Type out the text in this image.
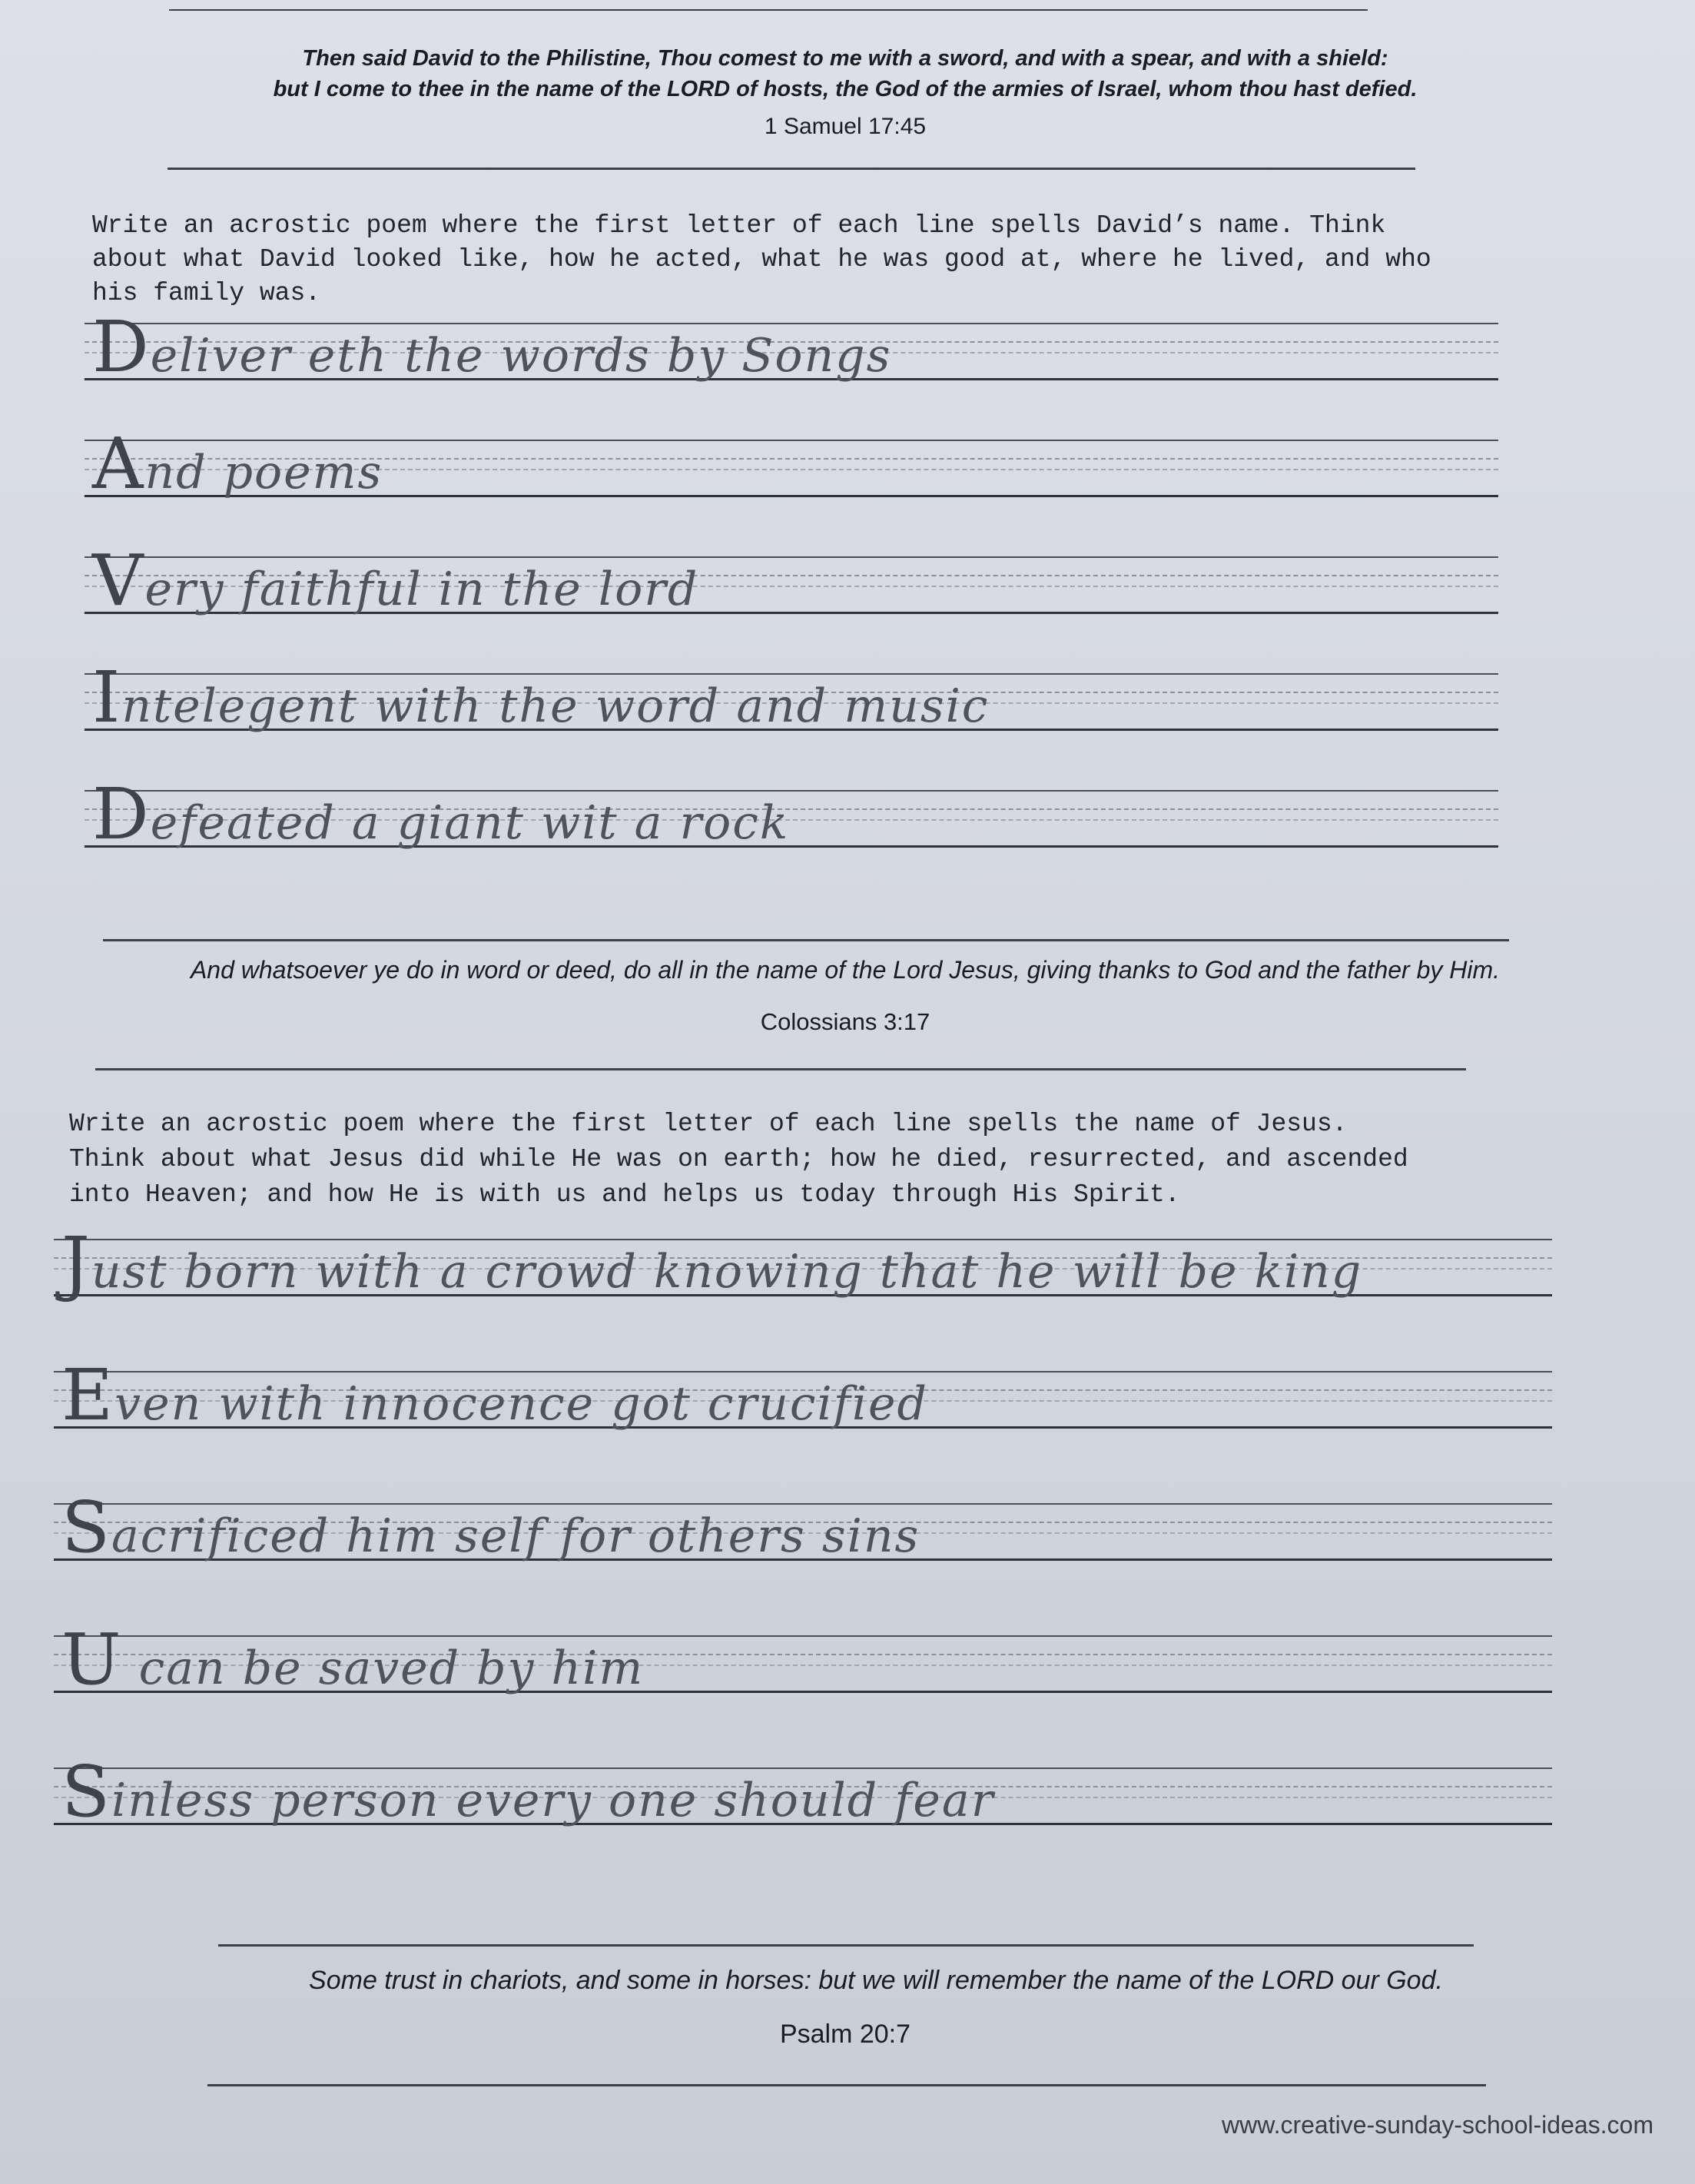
Then said David to the Philistine, Thou comest to me with a sword, and with a spear, and with a shield:
but I come to thee in the name of the LORD of hosts, the God of the armies of Israel, whom thou hast defied.
1 Samuel 17:45
Write an acrostic poem where the first letter of each line spells David’s name. Think
about what David looked like, how he acted, what he was good at, where he lived, and who
his family was.
Deliver eth the words by Songs
And poems
Very faithful in the lord
Intelegent with the word and music
Defeated a giant wit a rock
And whatsoever ye do in word or deed, do all in the name of the Lord Jesus, giving thanks to God and the father by Him.
Colossians 3:17
Write an acrostic poem where the first letter of each line spells the name of Jesus.
Think about what Jesus did while He was on earth; how he died, resurrected, and ascended
into Heaven; and how He is with us and helps us today through His Spirit.
Just born with a crowd knowing that he will be king
Even with innocence got crucified
Sacrificed him self for others sins
U can be saved by him
Sinless person every one should fear
Some trust in chariots, and some in horses: but we will remember the name of the LORD our God.
Psalm 20:7
www.creative-sunday-school-ideas.com
